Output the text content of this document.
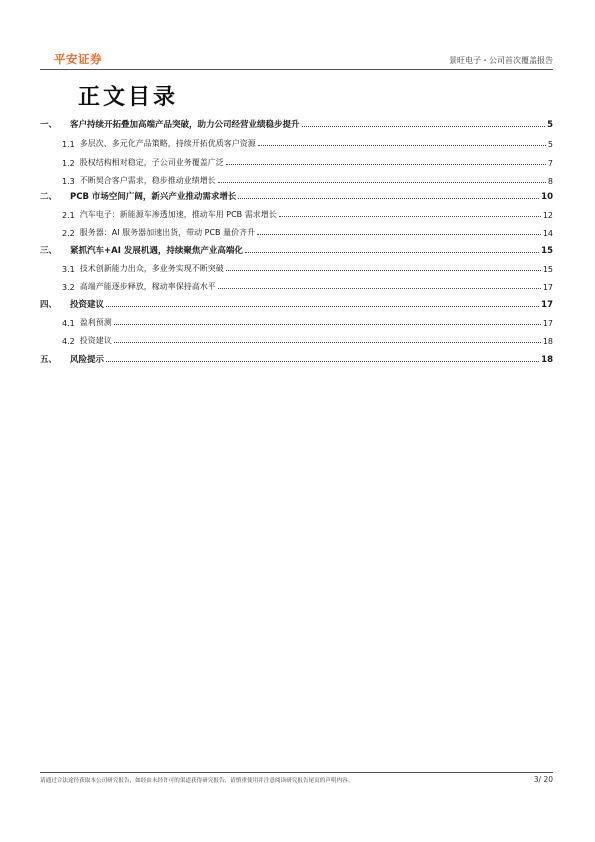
平安证券	景旺电子・公司首次覆盖报告
正文目录
一、	客户持续开拓叠加高端产品突破，助力公司经营业绩稳步提升	5
1.1 多层次、多元化产品策略，持续开拓优质客户资源	5
1.2 股权结构相对稳定，子公司业务覆盖广泛	7
1.3 不断契合客户需求，稳步推动业绩增长	8
二、	PCB 市场空间广阔，新兴产业推动需求增长	10
2.1 汽车电子：新能源车渗透加速，推动车用 PCB 需求增长	12
2.2 服务器：AI 服务器加速出货，带动 PCB 量价齐升	14
三、	紧抓汽车+AI 发展机遇，持续聚焦产业高端化	15
3.1 技术创新能力出众，多业务实现不断突破	15
3.2 高端产能逐步释放，稼动率保持高水平	17
四、	投资建议	17
4.1 盈利预测	17
4.2 投资建议	18
五、	风险提示	18
请通过合法途径获取本公司研究报告，如经由未经许可的渠道获得研究报告，请慎重使用并注意阅读研究报告尾页的声明内容。	3/ 20
